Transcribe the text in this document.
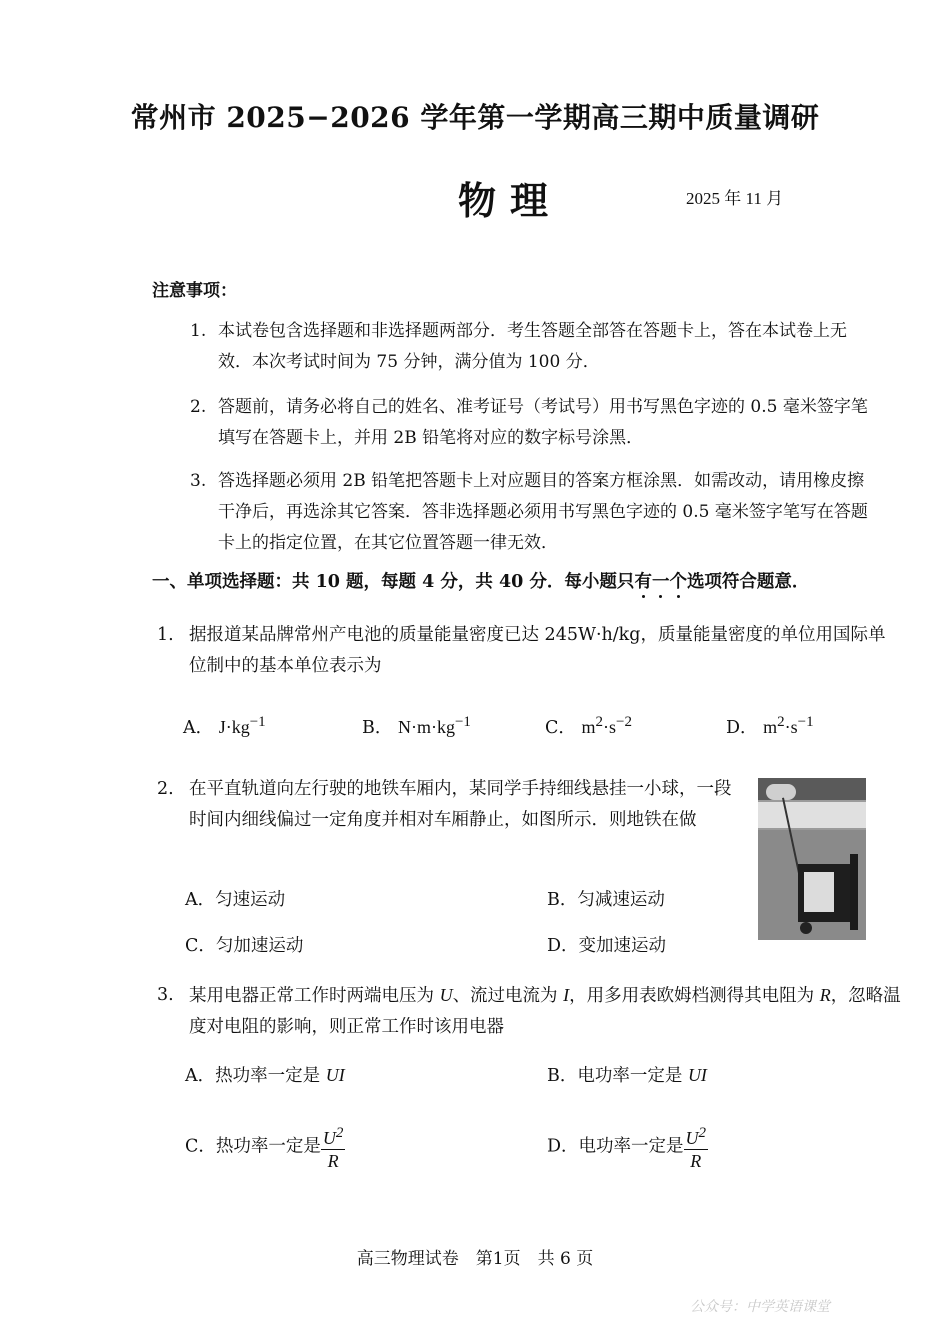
常州市 2025−2026 学年第一学期高三期中质量调研
物理	2025 年 11 月
注意事项：
1. 本试卷包含选择题和非选择题两部分．考生答题全部答在答题卡上，答在本试卷上无效．本次考试时间为 75 分钟，满分值为 100 分．
2. 答题前，请务必将自己的姓名、准考证号（考试号）用书写黑色字迹的 0.5 毫米签字笔填写在答题卡上，并用 2B 铅笔将对应的数字标号涂黑．
3. 答选择题必须用 2B 铅笔把答题卡上对应题目的答案方框涂黑．如需改动，请用橡皮擦干净后，再选涂其它答案．答非选择题必须用书写黑色字迹的 0.5 毫米签字笔写在答题卡上的指定位置，在其它位置答题一律无效．
一、单项选择题：共 10 题，每题 4 分，共 40 分．每小题只有一个选项符合题意．
1. 据报道某品牌常州产电池的质量能量密度已达 245W·h/kg，质量能量密度的单位用国际单位制中的基本单位表示为
A． $J\cdot kg^{-1}$	B． $N\cdot m\cdot kg^{-1}$	C． $m^2\cdot s^{-2}$	D． $m^2\cdot s^{-1}$
2. 在平直轨道向左行驶的地铁车厢内，某同学手持细线悬挂一小球，一段时间内细线偏过一定角度并相对车厢静止，如图所示．则地铁在做
A．匀速运动	B．匀减速运动
C．匀加速运动	D．变加速运动
3. 某用电器正常工作时两端电压为 U、流过电流为 I，用多用表欧姆档测得其电阻为 R，忽略温度对电阻的影响，则正常工作时该用电器
A．热功率一定是 UI	B．电功率一定是 UI
C．热功率一定是 $\frac{U^2}{R}$	D．电功率一定是 $\frac{U^2}{R}$
高三物理试卷　第1页　共 6 页
公众号：中学英语课堂
